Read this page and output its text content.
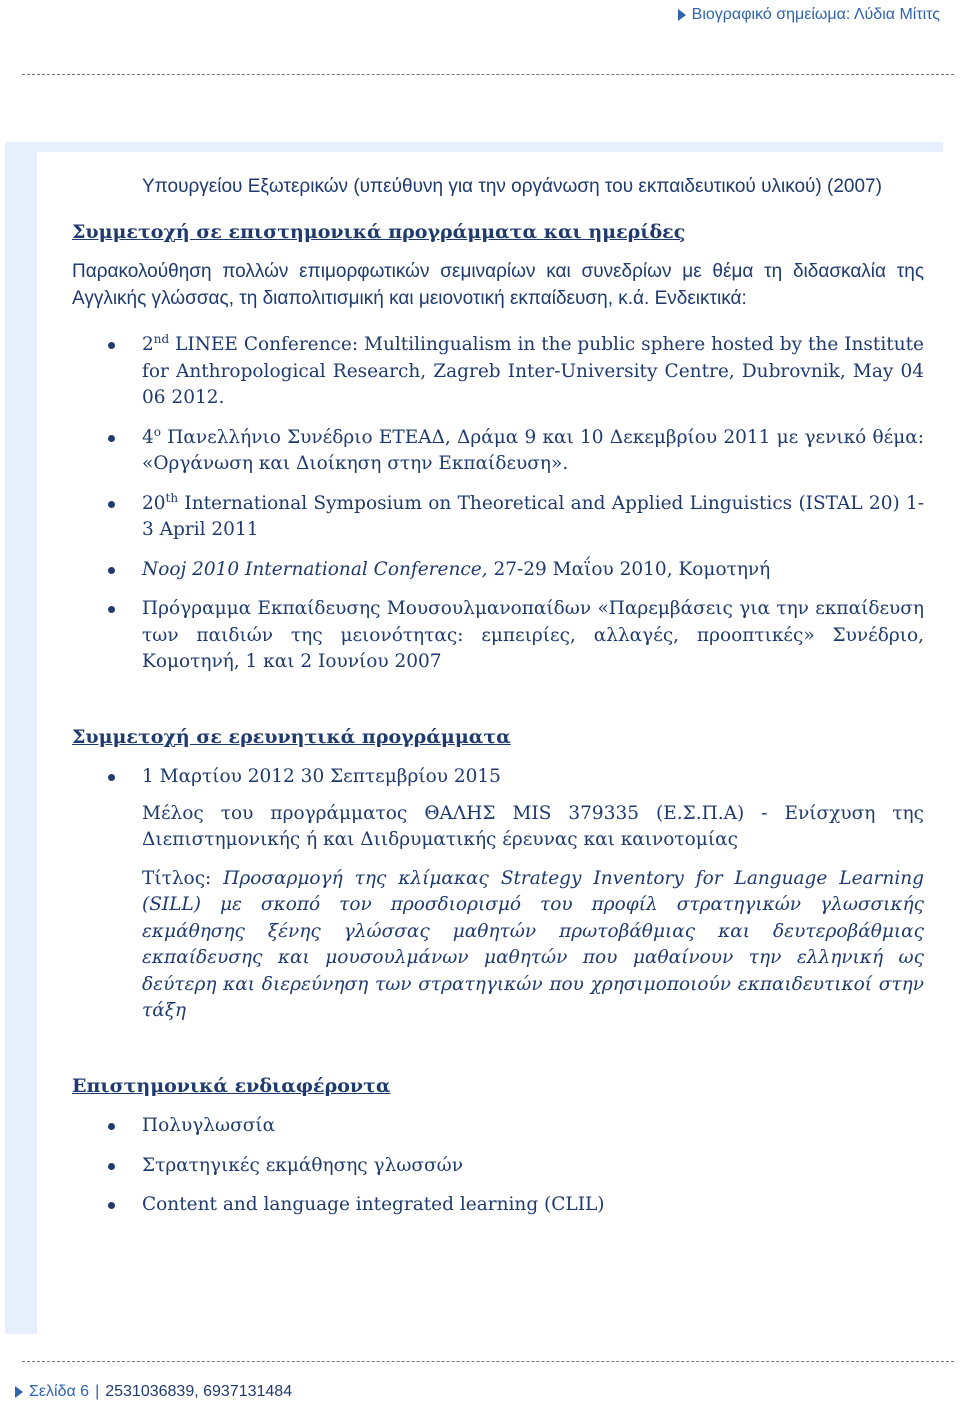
Βιογραφικό σημείωμα: Λύδια Μίτιτς
Υπουργείου Εξωτερικών (υπεύθυνη για την οργάνωση του εκπαιδευτικού υλικού) (2007)
Συμμετοχή σε επιστημονικά προγράμματα και ημερίδες
Παρακολούθηση πολλών επιμορφωτικών σεμιναρίων και συνεδρίων με θέμα τη διδασκαλία της Αγγλικής γλώσσας, τη διαπολιτισμική και μειονοτική εκπαίδευση, κ.ά. Ενδεικτικά:
2nd LINEE Conference: Multilingualism in the public sphere hosted by the Institute for Anthropological Research, Zagreb Inter-University Centre, Dubrovnik, May 04 06 2012.
$4^o$ Πανελλήνιο Συνέδριο ΕΤΕΑΔ, Δράμα 9 και 10 Δεκεμβρίου 2011 με γενικό θέμα: «Οργάνωση και Διοίκηση στην Εκπαίδευση».
20th International Symposium on Theoretical and Applied Linguistics (ISTAL 20) 1-3 April 2011
Nooj 2010 International Conference, 27-29 Μαΐου 2010, Κομοτηνή
Πρόγραμμα Εκπαίδευσης Μουσουλμανοπαίδων «Παρεμβάσεις για την εκπαίδευση των παιδιών της μειονότητας: εμπειρίες, αλλαγές, προοπτικές» Συνέδριο, Κομοτηνή, 1 και 2 Ιουνίου 2007
Συμμετοχή σε ερευνητικά προγράμματα
1 Μαρτίου 2012 30 Σεπτεμβρίου 2015
Μέλος του προγράμματος ΘΑΛΗΣ MIS 379335 (Ε.Σ.Π.Α) - Ενίσχυση της Διεπιστημονικής ή και Διιδρυματικής έρευνας και καινοτομίας
Τίτλος: Προσαρμογή της κλίμακας Strategy Inventory for Language Learning (SILL) με σκοπό τον προσδιορισμό του προφίλ στρατηγικών γλωσσικής εκμάθησης ξένης γλώσσας μαθητών πρωτοβάθμιας και δευτεροβάθμιας εκπαίδευσης και μουσουλμάνων μαθητών που μαθαίνουν την ελληνική ως δεύτερη και διερεύνηση των στρατηγικών που χρησιμοποιούν εκπαιδευτικοί στην τάξη
Επιστημονικά ενδιαφέροντα
Πολυγλωσσία
Στρατηγικές εκμάθησης γλωσσών
Content and language integrated learning (CLIL)
Σελίδα 6 | 2531036839, 6937131484
